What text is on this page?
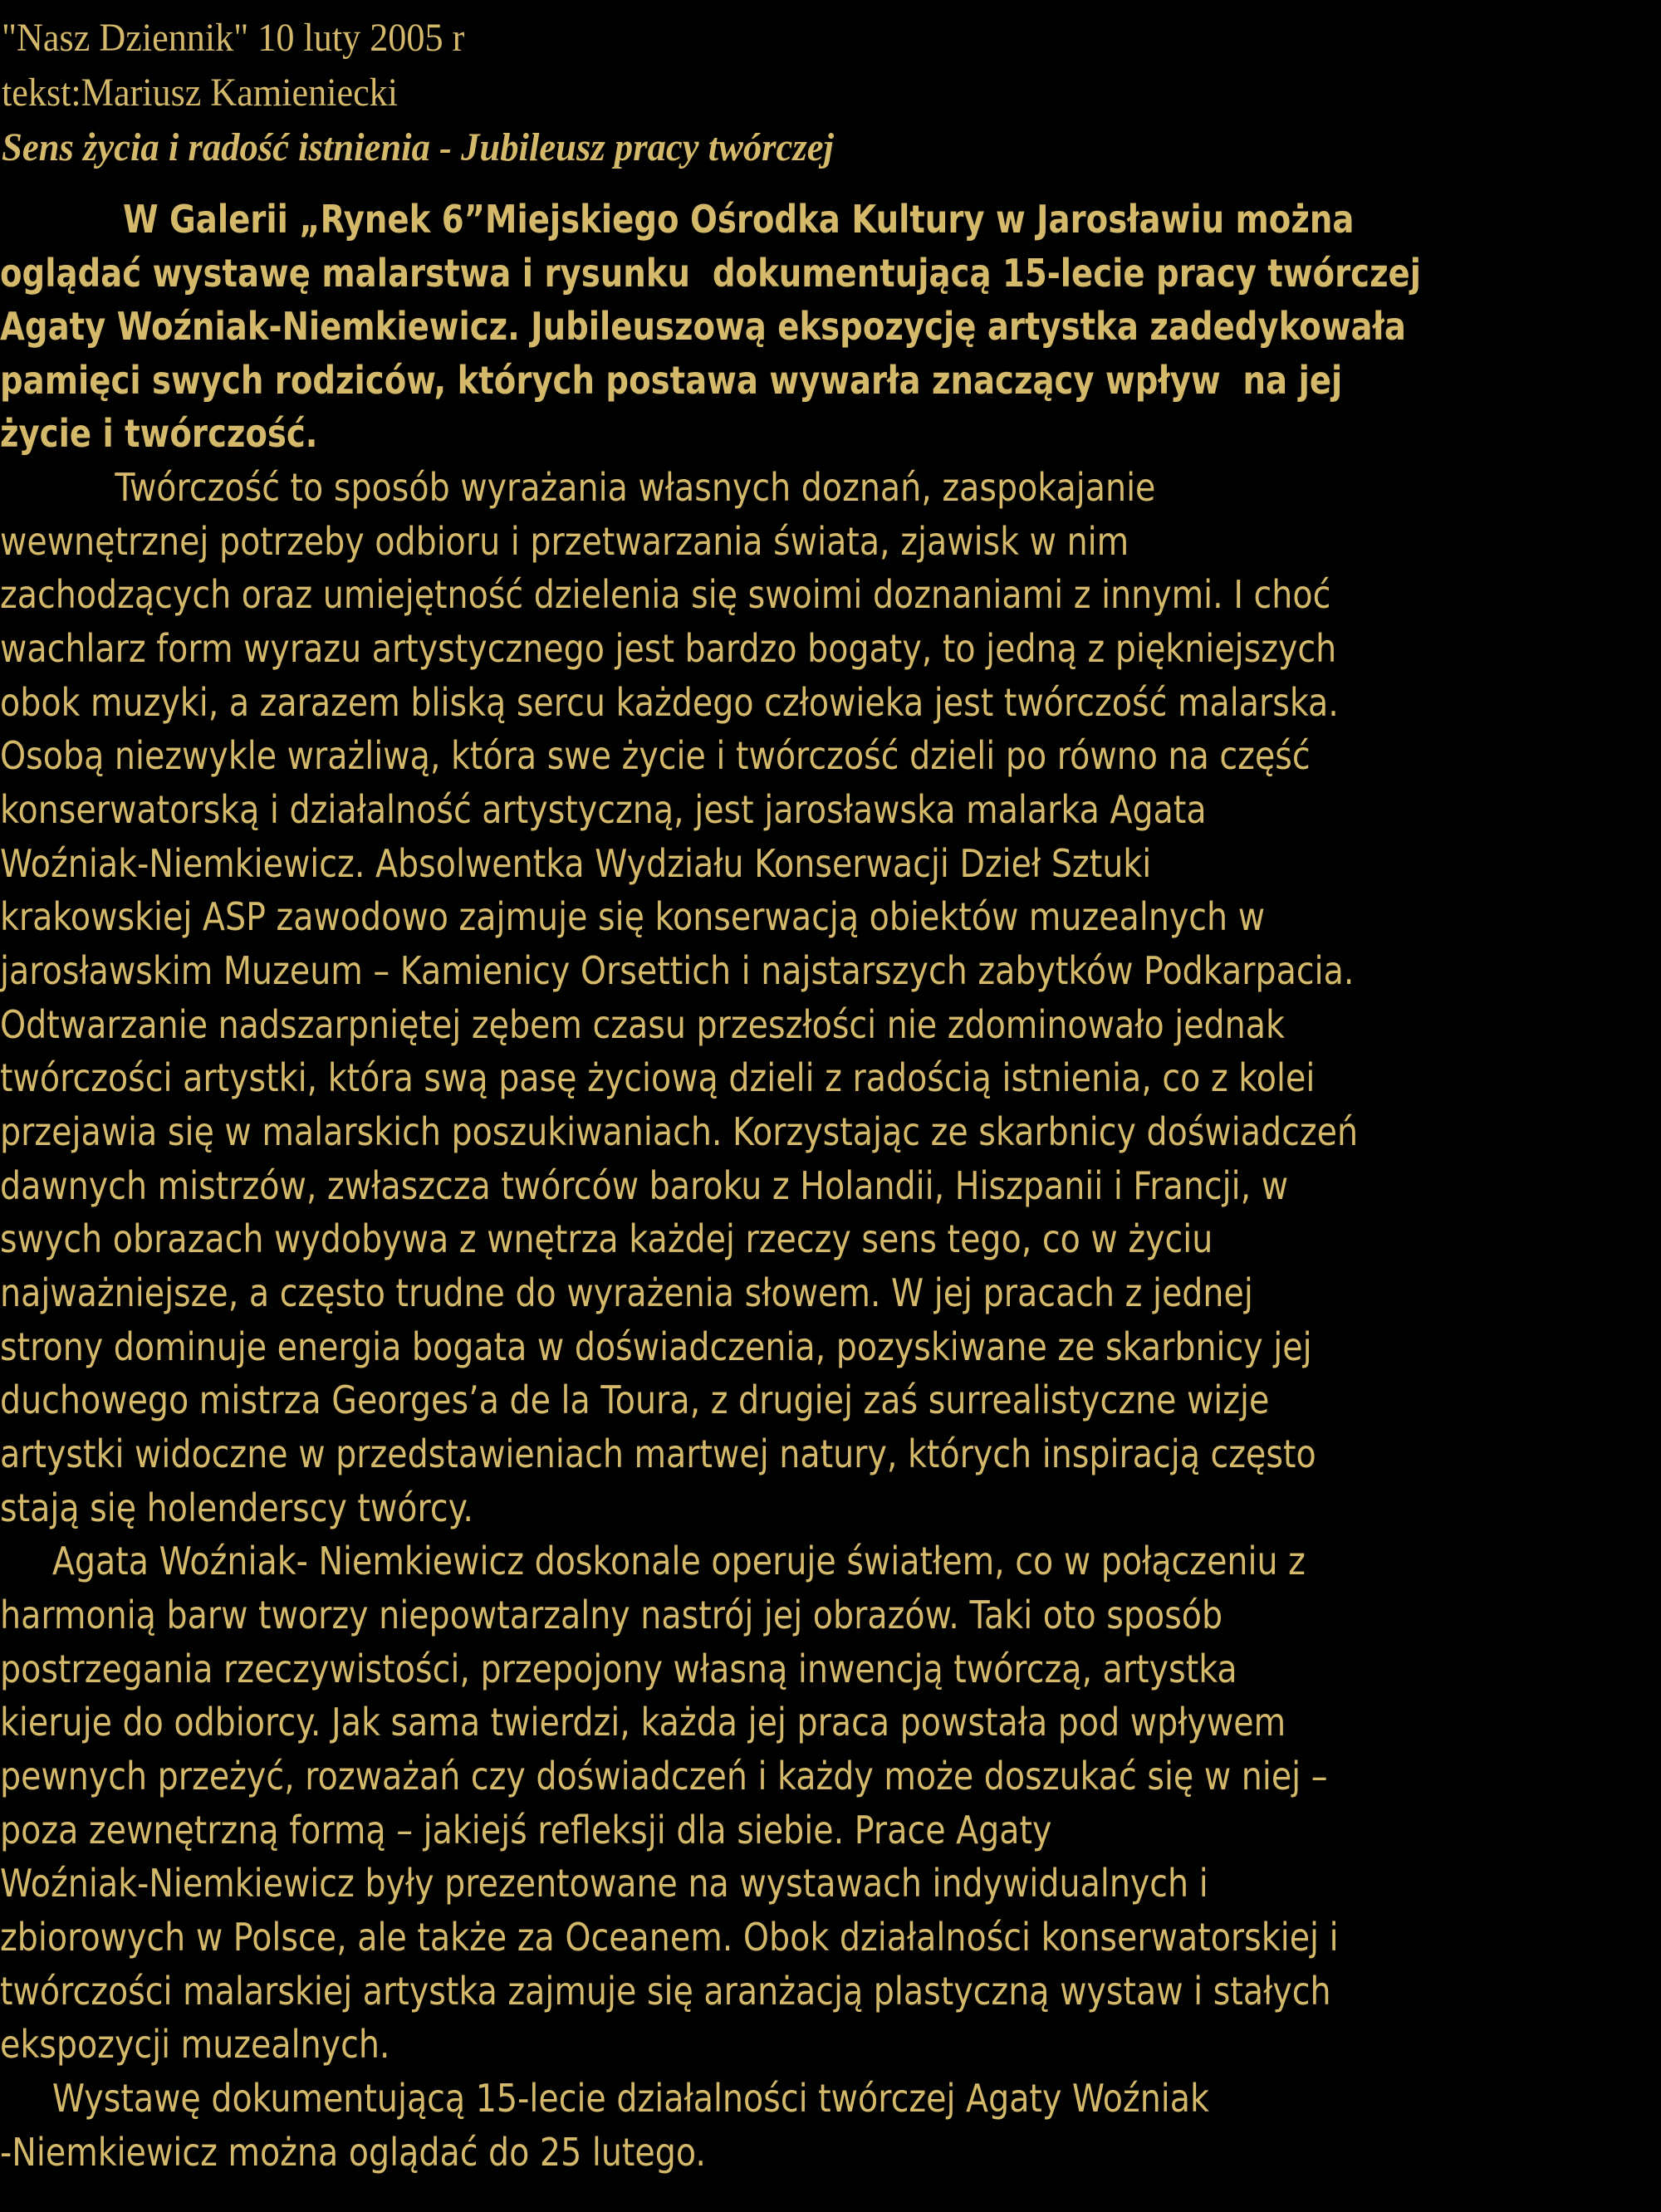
"Nasz Dziennik" 10 luty 2005 r
tekst:Mariusz Kamieniecki
Sens życia i radość istnienia - Jubileusz pracy twórczej
W Galerii „Rynek 6”Miejskiego Ośrodka Kultury w Jarosławiu można
oglądać wystawę malarstwa i rysunku  dokumentującą 15-lecie pracy twórczej
Agaty Woźniak-Niemkiewicz. Jubileuszową ekspozycję artystka zadedykowała
pamięci swych rodziców, których postawa wywarła znaczący wpływ  na jej
życie i twórczość.
Twórczość to sposób wyrażania własnych doznań, zaspokajanie
wewnętrznej potrzeby odbioru i przetwarzania świata, zjawisk w nim
zachodzących oraz umiejętność dzielenia się swoimi doznaniami z innymi. I choć
wachlarz form wyrazu artystycznego jest bardzo bogaty, to jedną z piękniejszych
obok muzyki, a zarazem bliską sercu każdego człowieka jest twórczość malarska.
Osobą niezwykle wrażliwą, która swe życie i twórczość dzieli po równo na część
konserwatorską i działalność artystyczną, jest jarosławska malarka Agata
Woźniak-Niemkiewicz. Absolwentka Wydziału Konserwacji Dzieł Sztuki
krakowskiej ASP zawodowo zajmuje się konserwacją obiektów muzealnych w
jarosławskim Muzeum – Kamienicy Orsettich i najstarszych zabytków Podkarpacia.
Odtwarzanie nadszarpniętej zębem czasu przeszłości nie zdominowało jednak
twórczości artystki, która swą pasę życiową dzieli z radością istnienia, co z kolei
przejawia się w malarskich poszukiwaniach. Korzystając ze skarbnicy doświadczeń
dawnych mistrzów, zwłaszcza twórców baroku z Holandii, Hiszpanii i Francji, w
swych obrazach wydobywa z wnętrza każdej rzeczy sens tego, co w życiu
najważniejsze, a często trudne do wyrażenia słowem. W jej pracach z jednej
strony dominuje energia bogata w doświadczenia, pozyskiwane ze skarbnicy jej
duchowego mistrza Georges’a de la Toura, z drugiej zaś surrealistyczne wizje
artystki widoczne w przedstawieniach martwej natury, których inspiracją często
stają się holenderscy twórcy.
Agata Woźniak- Niemkiewicz doskonale operuje światłem, co w połączeniu z
harmonią barw tworzy niepowtarzalny nastrój jej obrazów. Taki oto sposób
postrzegania rzeczywistości, przepojony własną inwencją twórczą, artystka
kieruje do odbiorcy. Jak sama twierdzi, każda jej praca powstała pod wpływem
pewnych przeżyć, rozważań czy doświadczeń i każdy może doszukać się w niej –
poza zewnętrzną formą – jakiejś refleksji dla siebie. Prace Agaty
Woźniak-Niemkiewicz były prezentowane na wystawach indywidualnych i
zbiorowych w Polsce, ale także za Oceanem. Obok działalności konserwatorskiej i
twórczości malarskiej artystka zajmuje się aranżacją plastyczną wystaw i stałych
ekspozycji muzealnych.
Wystawę dokumentującą 15-lecie działalności twórczej Agaty Woźniak
-Niemkiewicz można oglądać do 25 lutego.
